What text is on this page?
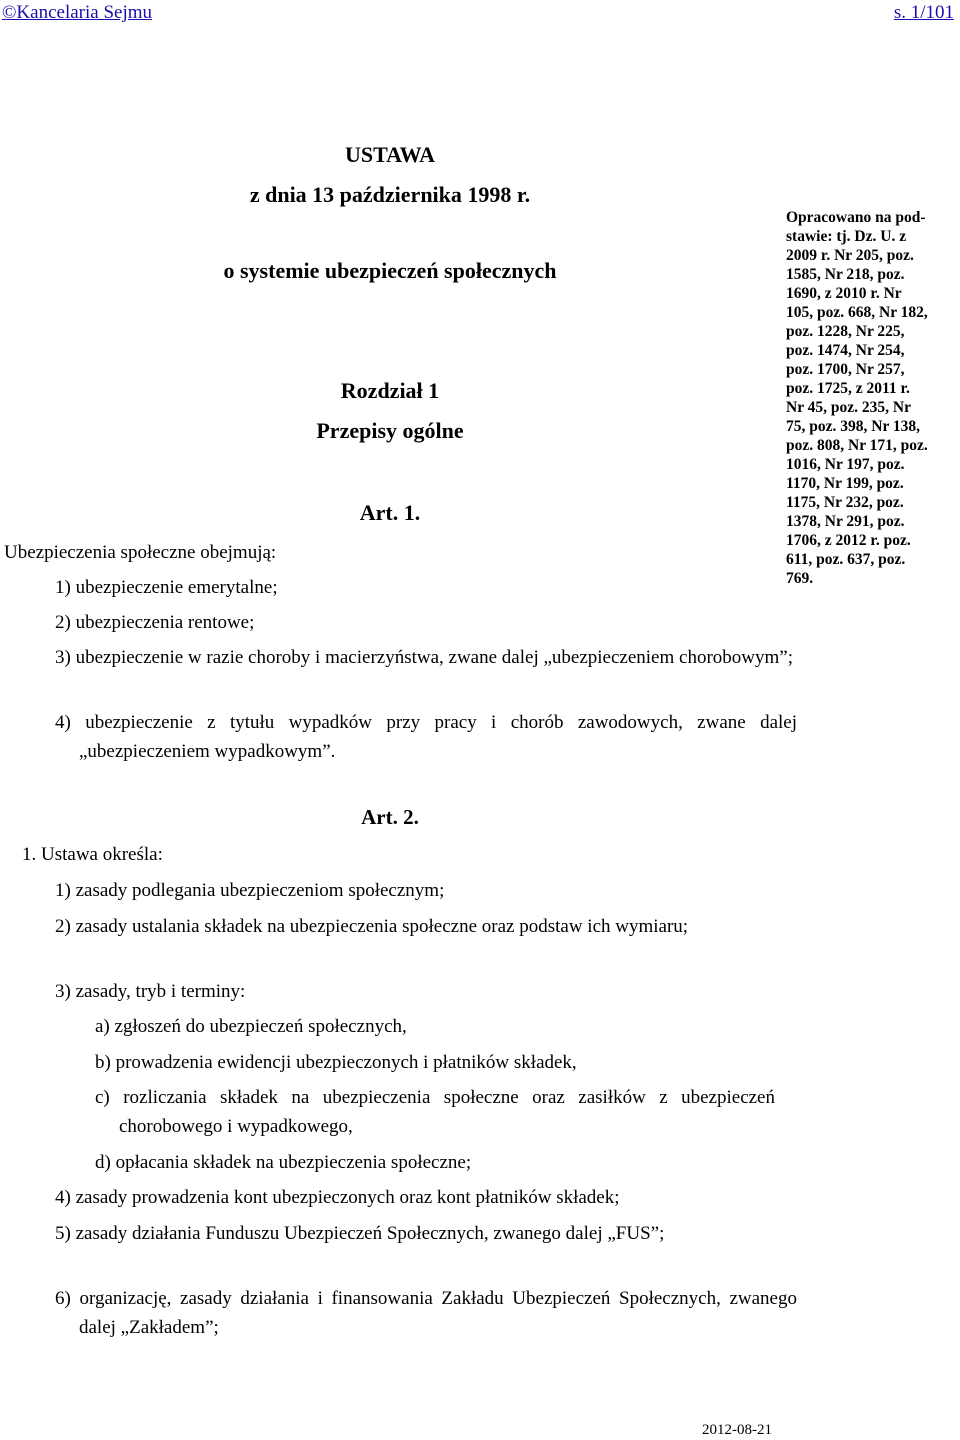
©Kancelaria Sejmu	s. 1/101
USTAWA
z dnia 13 października 1998 r.
o systemie ubezpieczeń społecznych
Rozdział 1
Przepisy ogólne
Art. 1.
Ubezpieczenia społeczne obejmują:
1) ubezpieczenie emerytalne;
2) ubezpieczenia rentowe;
3) ubezpieczenie w razie choroby i macierzyństwa, zwane dalej „ubezpieczeniem chorobowym”;
4) ubezpieczenie z tytułu wypadków przy pracy i chorób zawodowych, zwane dalej „ubezpieczeniem wypadkowym”.
Opracowano na pod-
stawie: tj. Dz. U. z
2009 r. Nr 205, poz.
1585, Nr 218, poz.
1690, z 2010 r. Nr
105, poz. 668, Nr 182,
poz. 1228, Nr 225,
poz. 1474, Nr 254,
poz. 1700, Nr 257,
poz. 1725, z 2011 r.
Nr 45, poz. 235, Nr
75, poz. 398, Nr 138,
poz. 808, Nr 171, poz.
1016, Nr 197, poz.
1170, Nr 199, poz.
1175, Nr 232, poz.
1378, Nr 291, poz.
1706, z 2012 r. poz.
611, poz. 637, poz.
769.
Art. 2.
1. Ustawa określa:
1) zasady podlegania ubezpieczeniom społecznym;
2) zasady ustalania składek na ubezpieczenia społeczne oraz podstaw ich wymiaru;
3) zasady, tryb i terminy:
a) zgłoszeń do ubezpieczeń społecznych,
b) prowadzenia ewidencji ubezpieczonych i płatników składek,
c) rozliczania składek na ubezpieczenia społeczne oraz zasiłków z ubezpieczeń chorobowego i wypadkowego,
d) opłacania składek na ubezpieczenia społeczne;
4) zasady prowadzenia kont ubezpieczonych oraz kont płatników składek;
5) zasady działania Funduszu Ubezpieczeń Społecznych, zwanego dalej „FUS”;
6) organizację, zasady działania i finansowania Zakładu Ubezpieczeń Społecznych, zwanego dalej „Zakładem”;
2012-08-21
